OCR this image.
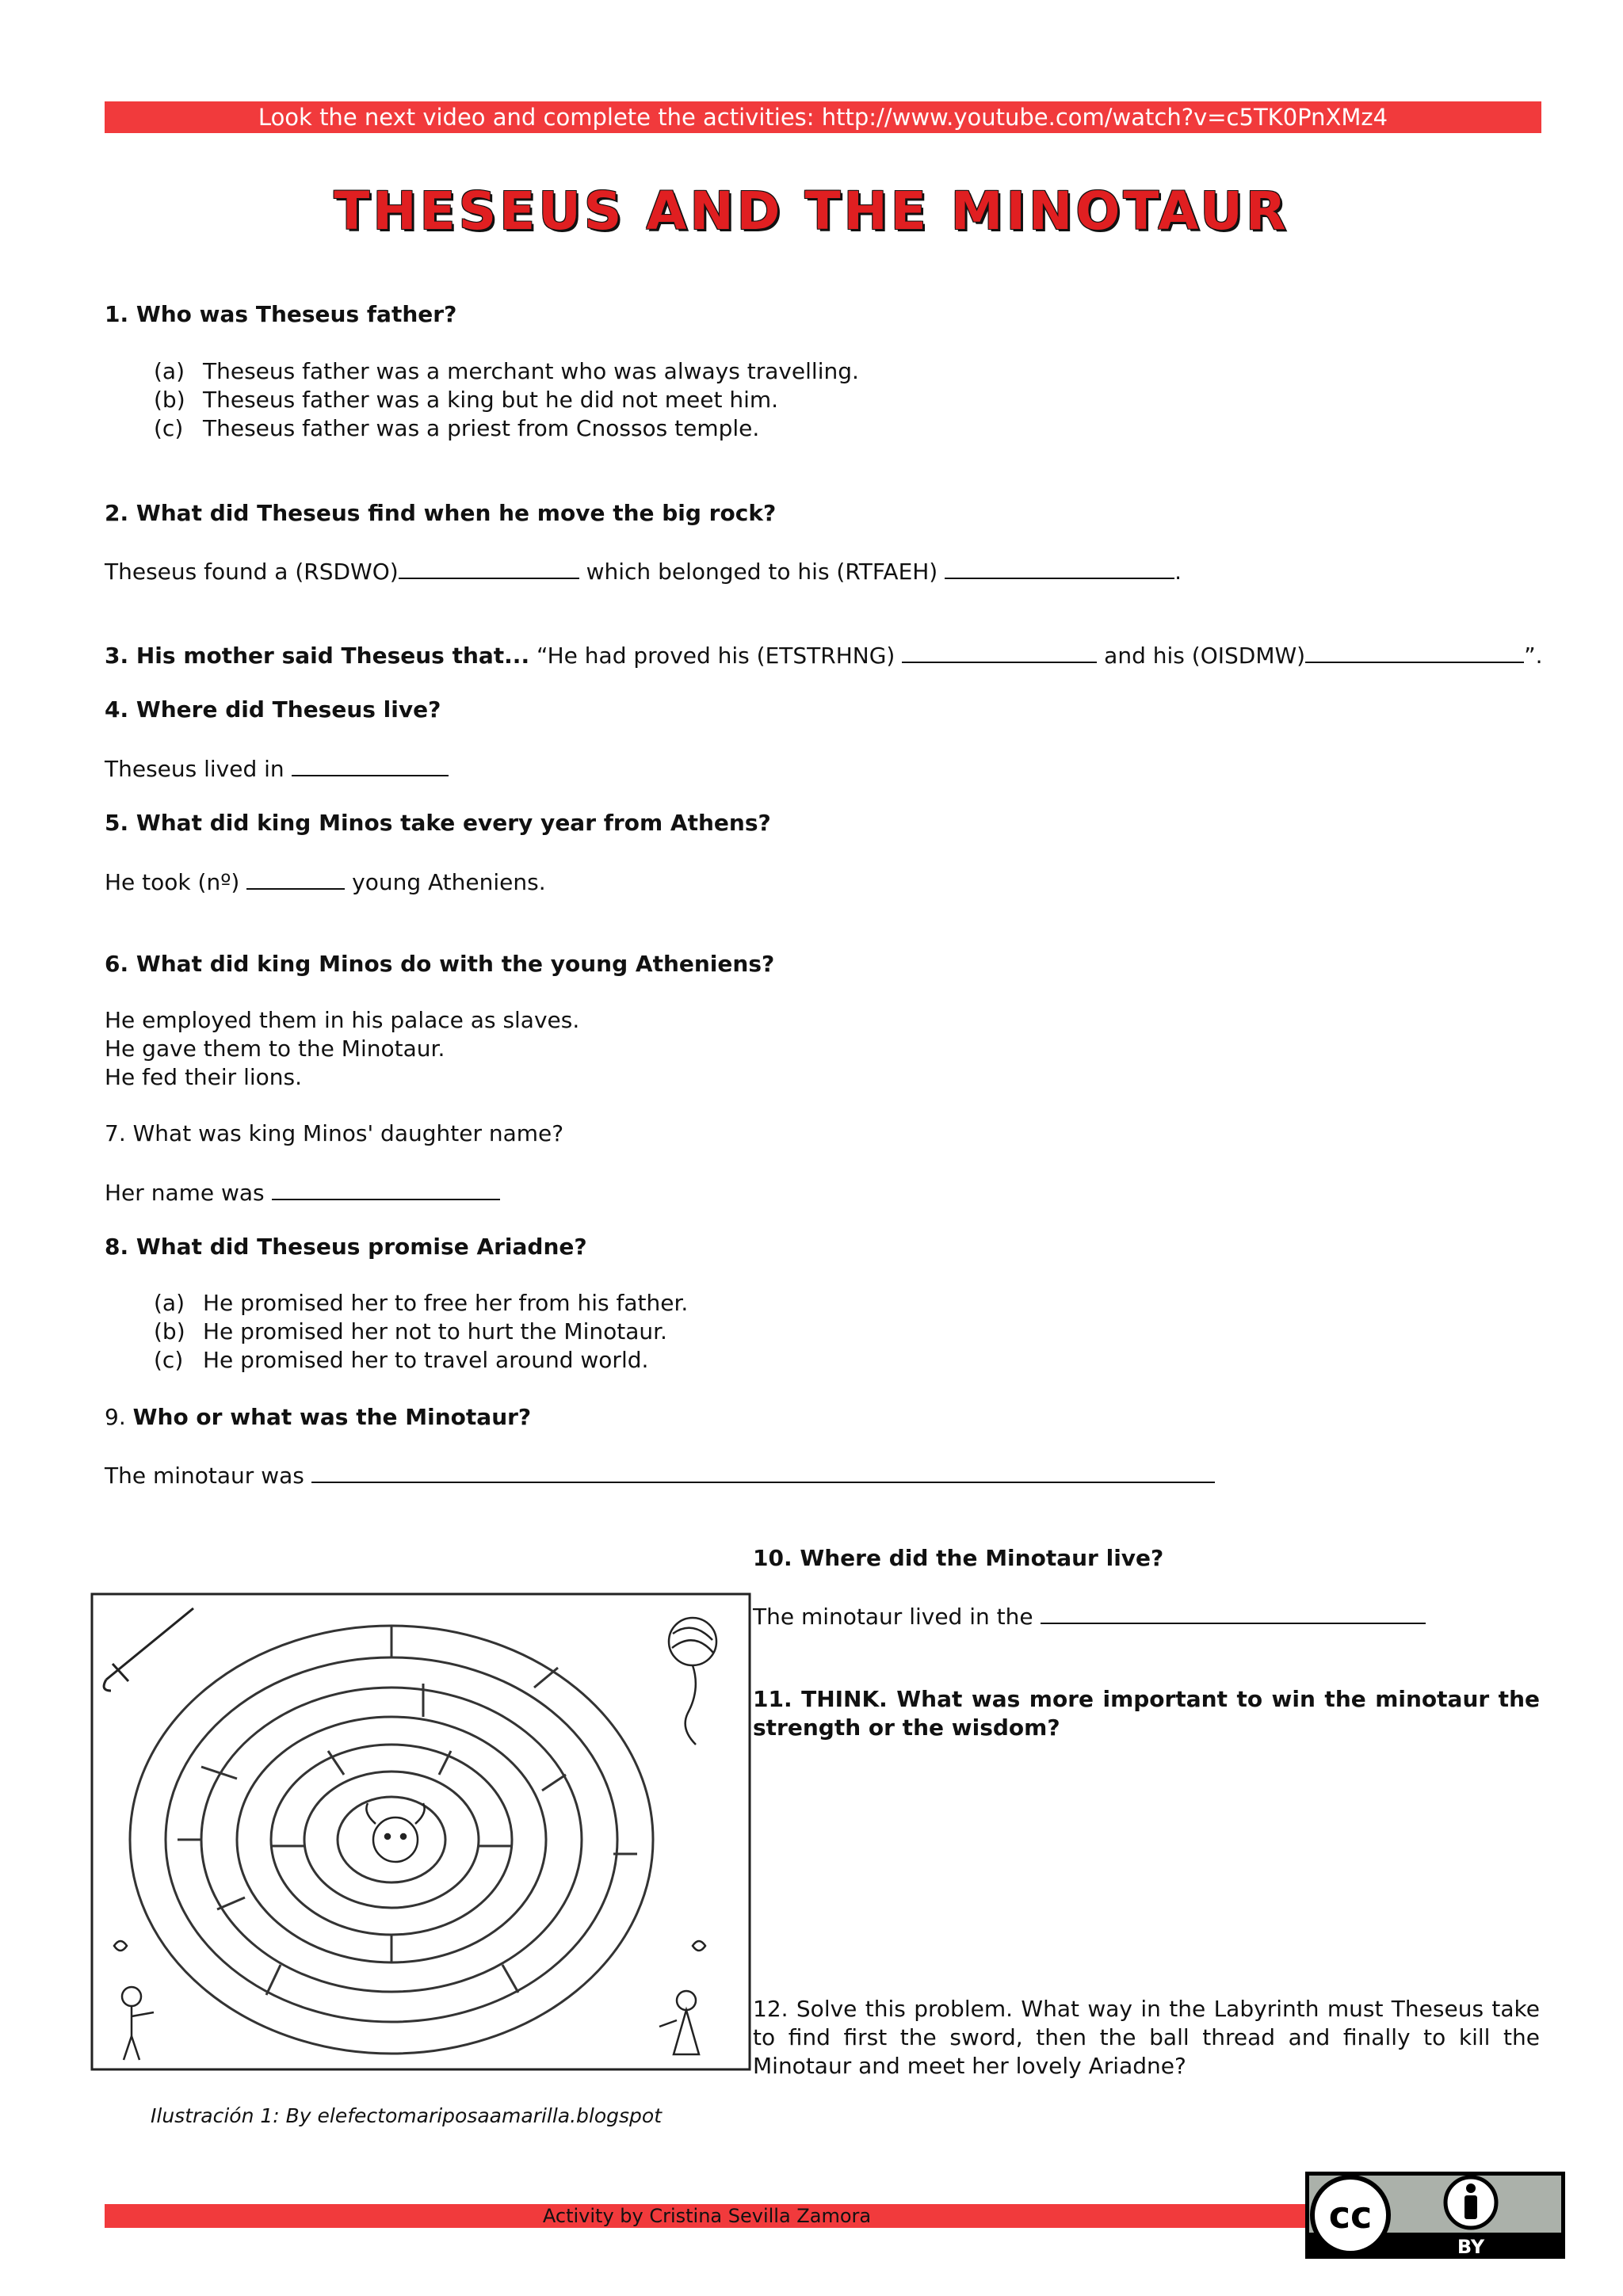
Look the next video and complete the activities: http://www.youtube.com/watch?v=c5TK0PnXMz4
THESEUS AND THE MINOTAUR
1. Who was Theseus father?
(a) Theseus father was a merchant who was always travelling.
(b) Theseus father was a king but he did not meet him.
(c) Theseus father was a priest from Cnossos temple.
2. What did Theseus find when he move the big rock?
Theseus found a (RSDWO)	which belonged to his (RTFAEH)	.
3. His mother said Theseus that... “He had proved his (ETSTRHNG)	and his (OISDMW)	”.
4. Where did Theseus live?
Theseus lived in
5. What did king Minos take every year from Athens?
He took (nº)	young Atheniens.
6. What did king Minos do with the young Atheniens?
He employed them in his palace as slaves.
He gave them to the Minotaur.
He fed their lions.
7. What was king Minos' daughter name?
Her name was
8. What did Theseus promise Ariadne?
(a) He promised her to free her from his father.
(b) He promised her not to hurt the Minotaur.
(c) He promised her to travel around world.
9. Who or what was the Minotaur?
The minotaur was
Ilustración 1: By elefectomariposaamarilla.blogspot
10. Where did the Minotaur live?
The minotaur lived in the
11. THINK. What was more important to win the minotaur the
strength or the wisdom?
12. Solve this problem. What way in the Labyrinth must Theseus take
to find first the sword, then the ball thread and finally to kill the
Minotaur and meet her lovely Ariadne?
Activity by Cristina Sevilla Zamora	cc
BY
